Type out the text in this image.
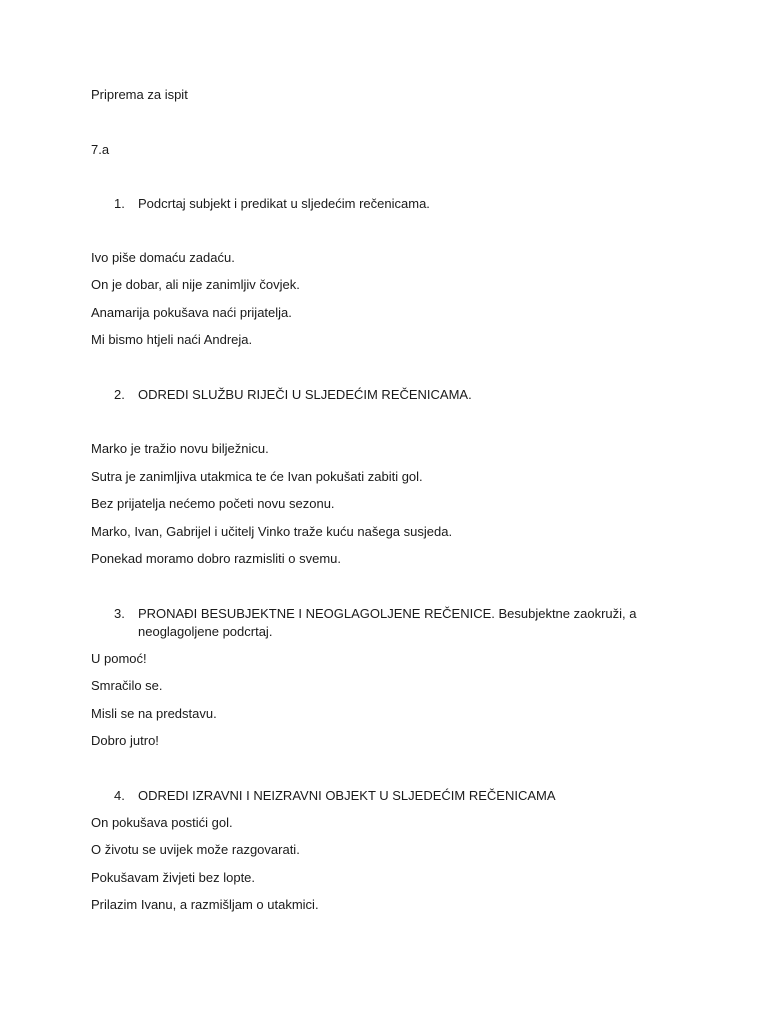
Priprema za ispit
7.a
1. Podcrtaj subjekt i predikat u sljedećim rečenicama.
Ivo piše domaću zadaću.
On je dobar, ali nije zanimljiv čovjek.
Anamarija pokušava naći prijatelja.
Mi bismo htjeli naći Andreja.
2. ODREDI SLUŽBU RIJEČI U SLJEDEĆIM REČENICAMA.
Marko je tražio novu bilježnicu.
Sutra je zanimljiva utakmica te će Ivan pokušati zabiti gol.
Bez prijatelja nećemo početi novu sezonu.
Marko, Ivan, Gabrijel i učitelj Vinko traže kuću našega susjeda.
Ponekad moramo dobro razmisliti o svemu.
3. PRONAĐI BESUBJEKTNE I NEOGLAGOLJENE REČENICE. Besubjektne zaokruži, a neoglagoljene podcrtaj.
U pomoć!
Smračilo se.
Misli se na predstavu.
Dobro jutro!
4. ODREDI IZRAVNI I NEIZRAVNI OBJEKT U SLJEDEĆIM REČENICAMA
On pokušava postići gol.
O životu se uvijek može razgovarati.
Pokušavam živjeti bez lopte.
Prilazim Ivanu, a razmišljam o utakmici.
